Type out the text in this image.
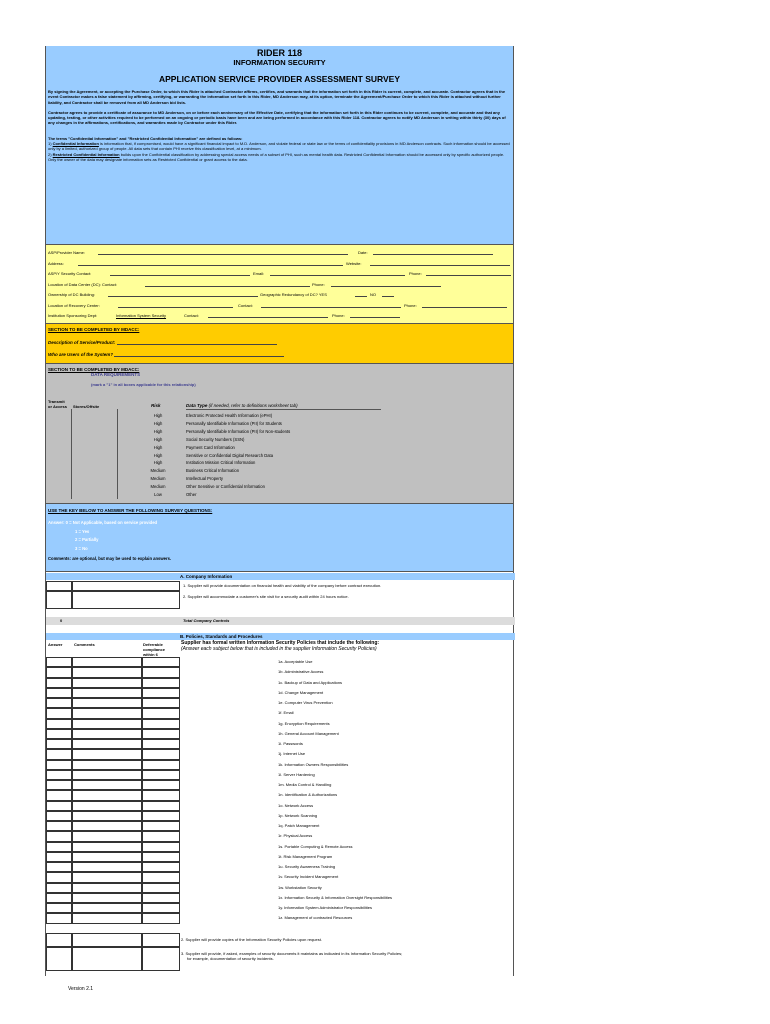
RIDER 118
INFORMATION SECURITY
APPLICATION SERVICE PROVIDER ASSESSMENT SURVEY
By signing the Agreement, or accepting the Purchase Order, to which this Rider is attached Contractor affirms, certifies, and warrants that the information set forth in this Rider is current, complete, and accurate. Contractor agrees that in the event Contractor makes a false statement by affirming, certifying, or warranting the information set forth in this Rider, MD Anderson may, at its option, terminate the Agreement/Purchase Order to which this Rider is attached without further liability, and Contractor shall be removed from all MD Anderson bid lists.
Contractor agrees to provide a certificate of assurance to MD Anderson, on or before each anniversary of the Effective Date, certifying that the information set forth in this Rider continues to be current, complete, and accurate and that any updating, testing, or other activities required to be performed on an ongoing or periodic basis have been and are being performed in accordance with this Rider 118. Contractor agrees to notify MD Anderson in writing within thirty (30) days of any changes in the affirmations, certifications, and warranties made by Contractor under this Rider.
The terms "Confidential Information" and "Restricted Confidential Information" are defined as follows:
1) Confidential Information is information that, if compromised, would have a significant financial impact to M.D. Anderson, and violate federal or state law or the terms of confidentiality provisions in MD Anderson contracts. Such information should be accessed only by a limited, authorized group of people. All data sets that contain PHI receive this classification level, at a minimum.
2) Restricted Confidential Information builds upon the Confidential classification by addressing special access needs of a subset of PHI, such as mental health data. Restricted Confidential Information should be accessed only by specific authorized people. Only the owner of the data may designate information sets as Restricted Confidential or grant access to the data.
ASP/Provider Name:	Date:
Address:	Website:
ASP/Y Security Contact:	Email:	Phone:
Location of Data Center (DC): Contact:	Phone:
Ownership of DC Building:	Geographic Redundancy of DC? YES	NO
Location of Recovery Center:	Contact:	Phone:
Institution Sponsoring Dept:	Information System Security	Contact:	Phone:
SECTION TO BE COMPLETED BY MDACC:
Description of Service/Product:
Who are Users of the System?
SECTION TO BE COMPLETED BY MDACC:
DATA REQUIREMENTS
(mark a "1" in all boxes applicable for this relationship)
Transmit
or Access Stores/Offsite	Risk	Data Type (if needed, refer to definitions worksheet tab)
High	Electronic Protected Health Information (ePHI)
High	Personally Identifiable Information (PII) for Students
High	Personally Identifiable Information (PII) for Non-students
High	Social Security Numbers (SSN)
High	Payment Card Information
High	Sensitive or Confidential Digital Research Data
High	Institution Mission Critical Information
Medium	Business Critical Information
Medium	Intellectual Property
Medium	Other Sensitive or Confidential Information
Low	Other
USE THE KEY BELOW TO ANSWER THE FOLLOWING SURVEY QUESTIONS:
Answer: 0 = Not Applicable, based on service provided
1 = Yes
2 = Partially
3 = No
Comments: are optional, but may be used to explain answers.
A. Company Information
1. Supplier will provide documentation on financial health and viability of the company before contract execution.
2. Supplier will accommodate a customer's site visit for a security audit within 24 hours notice.
0	Total Company Controls
B. Policies, Standards and Procedures
Answer	Comments	Deferrable
compliance
within 6
Supplier has formal written Information Security Policies that include the following:
(Answer each subject below that is included in the supplier Information Security Policies)
1a. Acceptable Use
1b. Administrative Access
1c. Backup of Data and Applications
1d. Change Management
1e. Computer Virus Prevention
1f. Email
1g. Encryption Requirements
1h. General Account Management
1i. Passwords
1j. Internet Use
1k. Information Owners Responsibilities
1l. Server Hardening
1m. Media Control & Handling
1n. Identification & Authorizations
1o. Network Access
1p. Network Scanning
1q. Patch Management
1r. Physical Access
1s. Portable Computing & Remote Access
1t. Risk Management Program
1u. Security Awareness Training
1v. Security Incident Management
1w. Workstation Security
1x. Information Security & Information Oversight Responsibilities
1y. Information System Administrator Responsibilities
1z. Management of contracted Resources
2. Supplier will provide copies of the Information Security Policies upon request.
3. Supplier will provide, if asked, examples of security documents it maintains as indicated in its Information Security Policies;
for example, documentation of security incidents.
Version 2.1
